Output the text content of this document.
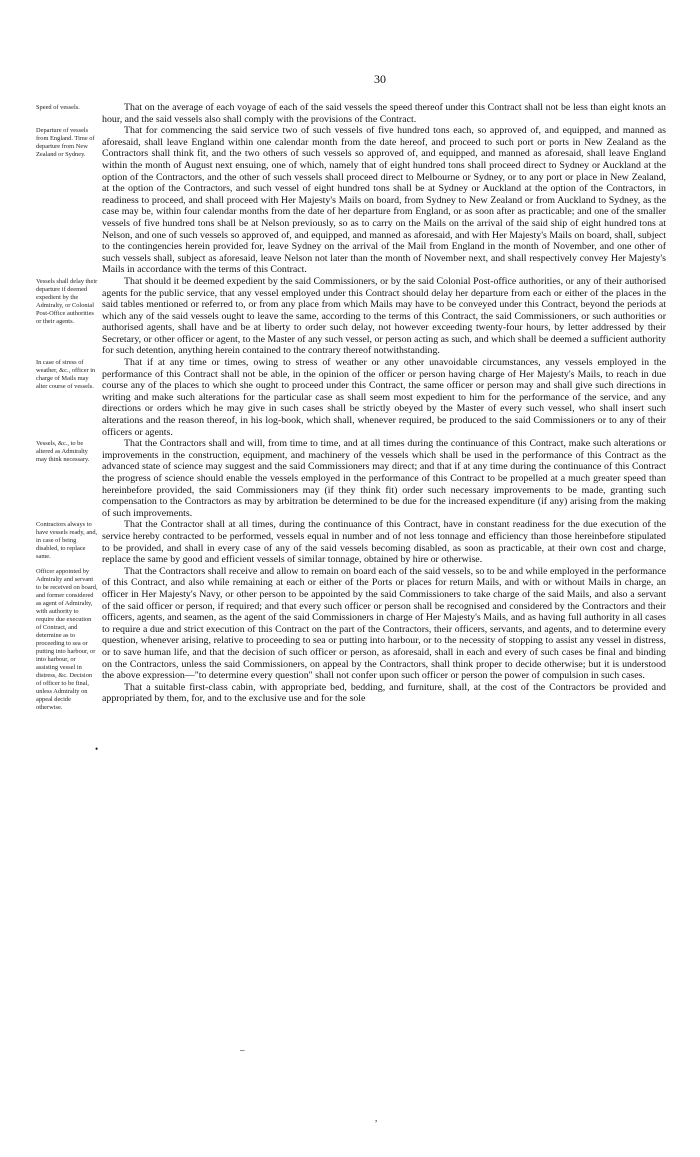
30
Speed of vessels.	That on the average of each voyage of each of the said vessels the speed thereof under this Contract shall not be less than eight knots an hour, and the said vessels also shall comply with the provisions of the Contract.

Departure of vessels from England. Time of departure from New Zealand or Sydney.

That for commencing the said service two of such vessels of five hundred tons each, so approved of, and equipped, and manned as aforesaid, shall leave England within one calendar month from the date hereof, and proceed to such port or ports in New Zealand as the Contractors shall think fit, and the two others of such vessels so approved of, and equipped, and manned as aforesaid, shall leave England within the month of August next ensuing, one of which, namely that of eight hundred tons shall proceed direct to Sydney or Auckland at the option of the Contractors, and the other of such vessels shall proceed direct to Melbourne or Sydney, or to any port or place in New Zealand, at the option of the Contractors, and such vessel of eight hundred tons shall be at Sydney or Auckland at the option of the Contractors, in readiness to proceed, and shall proceed with Her Majesty's Mails on board, from Sydney to New Zealand or from Auckland to Sydney, as the case may be, within four calendar months from the date of her departure from England, or as soon after as practicable; and one of the smaller vessels of five hundred tons shall be at Nelson previously, so as to carry on the Mails on the arrival of the said ship of eight hundred tons at Nelson, and one of such vessels so approved of, and equipped, and manned as aforesaid, and with Her Majesty's Mails on board, shall, subject to the contingencies herein provided for, leave Sydney on the arrival of the Mail from England in the month of November, and one other of such vessels shall, subject as aforesaid, leave Nelson not later than the month of November next, and shall respectively convey Her Majesty's Mails in accordance with the terms of this Contract.

Vessels shall delay their departure if deemed expedient by the Admiralty, or Colonial Post-Office authorities or their agents.

That should it be deemed expedient by the said Commissioners, or by the said Colonial Post-office authorities, or any of their authorised agents for the public service, that any vessel employed under this Contract should delay her departure from each or either of the places in the said tables mentioned or referred to, or from any place from which Mails may have to be conveyed under this Contract, beyond the periods at which any of the said vessels ought to leave the same, according to the terms of this Contract, the said Commissioners, or such authorities or authorised agents, shall have and be at liberty to order such delay, not however exceeding twenty-four hours, by letter addressed by their Secretary, or other officer or agent, to the Master of any such vessel, or person acting as such, and which shall be deemed a sufficient authority for such detention, anything herein contained to the contrary thereof notwithstanding.

In case of stress of weather, &c., officer in charge of Mails may alter course of vessels.

That if at any time or times, owing to stress of weather or any other unavoidable circumstances, any vessels employed in the performance of this Contract shall not be able, in the opinion of the officer or person having charge of Her Majesty's Mails, to reach in due course any of the places to which she ought to proceed under this Contract, the same officer or person may and shall give such directions in writing and make such alterations for the particular case as shall seem most expedient to him for the performance of the service, and any directions or orders which he may give in such cases shall be strictly obeyed by the Master of every such vessel, who shall insert such alterations and the reason thereof, in his log-book, which shall, whenever required, be produced to the said Commissioners or to any of their officers or agents.

Vessels, &c., to be altered as Admiralty may think necessary.

That the Contractors shall and will, from time to time, and at all times during the continuance of this Contract, make such alterations or improvements in the construction, equipment, and machinery of the vessels which shall be used in the performance of this Contract as the advanced state of science may suggest and the said Commissioners may direct; and that if at any time during the continuance of this Contract the progress of science should enable the vessels employed in the performance of this Contract to be propelled at a much greater speed than hereinbefore provided, the said Commissioners may (if they think fit) order such necessary improvements to be made, granting such compensation to the Contractors as may by arbitration be determined to be due for the increased expenditure (if any) arising from the making of such improvements.

Contractors always to have vessels ready, and, in case of being disabled, to replace same.

That the Contractor shall at all times, during the continuance of this Contract, have in constant readiness for the due execution of the service hereby contracted to be performed, vessels equal in number and of not less tonnage and efficiency than those hereinbefore stipulated to be provided, and shall in every case of any of the said vessels becoming disabled, as soon as practicable, at their own cost and charge, replace the same by good and efficient vessels of similar tonnage, obtained by hire or otherwise.

Officer appointed by Admiralty and servant to be received on board, and former considered as agent of Admiralty, with authority to require due execution of Contract, and determine as to proceeding to sea or putting into harbour, or into harbour, or assisting vessel in distress, &c. Decision of officer to be final, unless Admiralty on appeal decide otherwise.

That the Contractors shall receive and allow to remain on board each of the said vessels, so to be and while employed in the performance of this Contract, and also while remaining at each or either of the Ports or places for return Mails, and with or without Mails in charge, an officer in Her Majesty's Navy, or other person to be appointed by the said Commissioners to take charge of the said Mails, and also a servant of the said officer or person, if required; and that every such officer or person shall be recognised and considered by the Contractors and their officers, agents, and seamen, as the agent of the said Commissioners in charge of Her Majesty's Mails, and as having full authority in all cases to require a due and strict execution of this Contract on the part of the Contractors, their officers, servants, and agents, and to determine every question, whenever arising, relative to proceeding to sea or putting into harbour, or to the necessity of stopping to assist any vessel in distress, or to save human life, and that the decision of such officer or person, as aforesaid, shall in each and every of such cases be final and binding on the Contractors, unless the said Commissioners, on appeal by the Contractors, shall think proper to decide otherwise; but it is understood the above expression—"to determine every question" shall not confer upon such officer or person the power of compulsion in such cases.

That a suitable first-class cabin, with appropriate bed, bedding, and furniture, shall, at the cost of the Contractors be provided and appropriated by them, for, and to the exclusive use and for the sole

•
–
,
